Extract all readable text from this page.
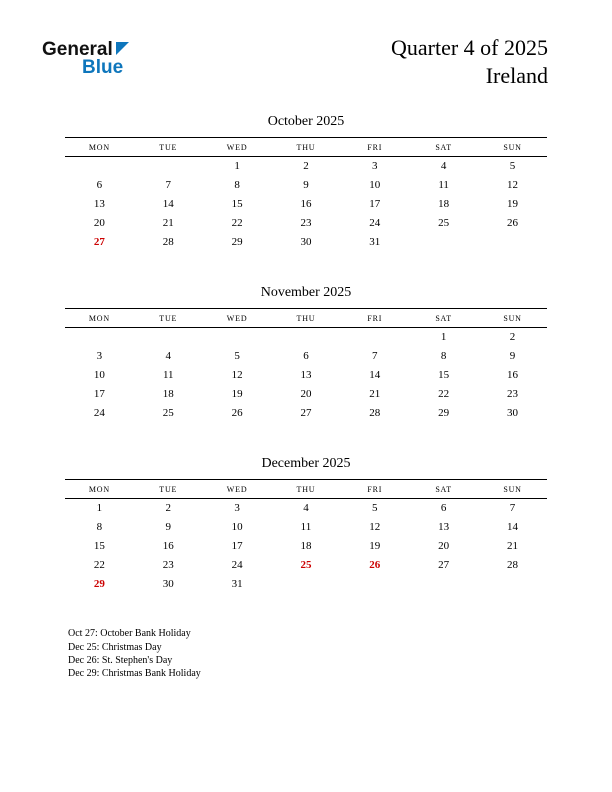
General
Blue
Quarter 4 of 2025
Ireland
October 2025
MON	TUE	WED	THU	FRI	SAT	SUN
		1	2	3	4	5
6	7	8	9	10	11	12
13	14	15	16	17	18	19
20	21	22	23	24	25	26
27	28	29	30	31		
November 2025
MON	TUE	WED	THU	FRI	SAT	SUN
					1	2
3	4	5	6	7	8	9
10	11	12	13	14	15	16
17	18	19	20	21	22	23
24	25	26	27	28	29	30
December 2025
MON	TUE	WED	THU	FRI	SAT	SUN
1	2	3	4	5	6	7
8	9	10	11	12	13	14
15	16	17	18	19	20	21
22	23	24	25	26	27	28
29	30	31				
Oct 27: October Bank Holiday
Dec 25: Christmas Day
Dec 26: St. Stephen's Day
Dec 29: Christmas Bank Holiday
